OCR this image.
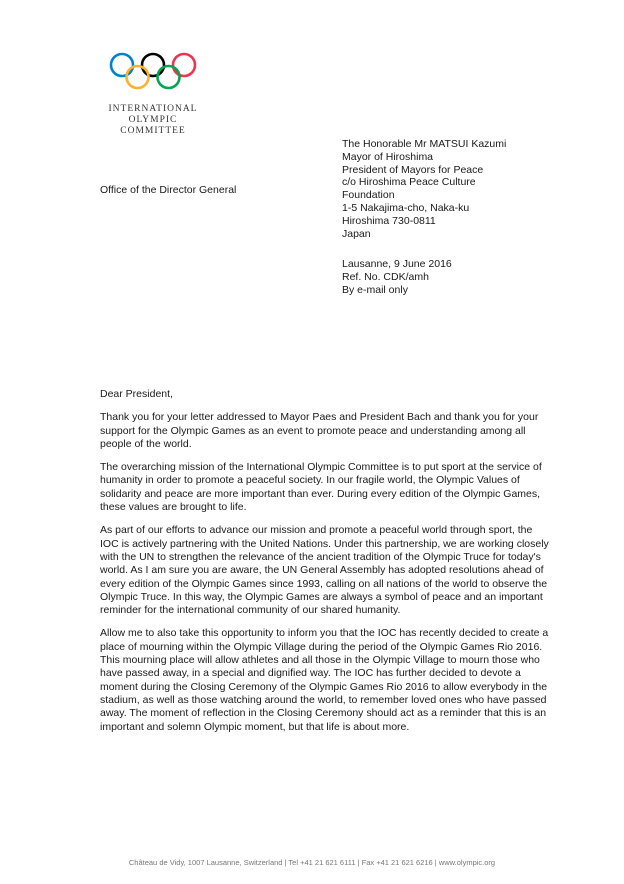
INTERNATIONAL
OLYMPIC
COMMITTEE
Office of the Director General
The Honorable Mr MATSUI Kazumi
Mayor of Hiroshima
President of Mayors for Peace
c/o Hiroshima Peace Culture
Foundation
1-5 Nakajima-cho, Naka-ku
Hiroshima 730-0811
Japan
Lausanne, 9 June 2016
Ref. No. CDK/amh
By e-mail only

Dear President,

Thank you for your letter addressed to Mayor Paes and President Bach and thank you for your support for the Olympic Games as an event to promote peace and understanding among all people of the world.

The overarching mission of the International Olympic Committee is to put sport at the service of humanity in order to promote a peaceful society. In our fragile world, the Olympic Values of solidarity and peace are more important than ever. During every edition of the Olympic Games, these values are brought to life.

As part of our efforts to advance our mission and promote a peaceful world through sport, the IOC is actively partnering with the United Nations. Under this partnership, we are working closely with the UN to strengthen the relevance of the ancient tradition of the Olympic Truce for today's world. As I am sure you are aware, the UN General Assembly has adopted resolutions ahead of every edition of the Olympic Games since 1993, calling on all nations of the world to observe the Olympic Truce. In this way, the Olympic Games are always a symbol of peace and an important reminder for the international community of our shared humanity.

Allow me to also take this opportunity to inform you that the IOC has recently decided to create a place of mourning within the Olympic Village during the period of the Olympic Games Rio 2016. This mourning place will allow athletes and all those in the Olympic Village to mourn those who have passed away, in a special and dignified way. The IOC has further decided to devote a moment during the Closing Ceremony of the Olympic Games Rio 2016 to allow everybody in the stadium, as well as those watching around the world, to remember loved ones who have passed away. The moment of reflection in the Closing Ceremony should act as a reminder that this is an important and solemn Olympic moment, but that life is about more.

Château de Vidy, 1007 Lausanne, Switzerland | Tel +41 21 621 6111 | Fax +41 21 621 6216 | www.olympic.org
